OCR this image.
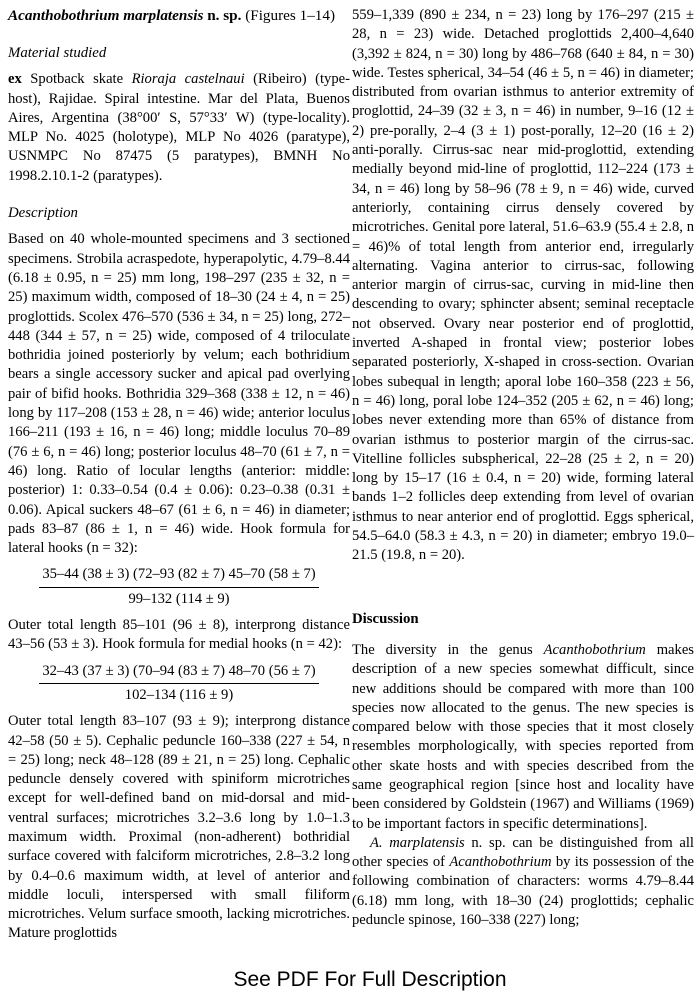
Acanthobothrium marplatensis n. sp. (Figures 1–14)
Material studied

ex Spotback skate Rioraja castelnaui (Ribeiro) (type-host), Rajidae. Spiral intestine. Mar del Plata, Buenos Aires, Argentina (38°00′ S, 57°33′ W) (type-locality). MLP No. 4025 (holotype), MLP No 4026 (paratype), USNMPC No 87475 (5 paratypes), BMNH No 1998.2.10.1-2 (paratypes).

Description

Based on 40 whole-mounted specimens and 3 sectioned specimens. Strobila acraspedote, hyperapolytic, 4.79–8.44 (6.18 ± 0.95, n = 25) mm long, 198–297 (235 ± 32, n = 25) maximum width, composed of 18–30 (24 ± 4, n = 25) proglottids. Scolex 476–570 (536 ± 34, n = 25) long, 272–448 (344 ± 57, n = 25) wide, composed of 4 triloculate bothridia joined posteriorly by velum; each bothridium bears a single accessory sucker and apical pad overlying pair of bifid hooks. Bothridia 329–368 (338 ± 12, n = 46) long by 117–208 (153 ± 28, n = 46) wide; anterior loculus 166–211 (193 ± 16, n = 46) long; middle loculus 70–89 (76 ± 6, n = 46) long; posterior loculus 48–70 (61 ± 7, n = 46) long. Ratio of locular lengths (anterior: middle: posterior) 1: 0.33–0.54 (0.4 ± 0.06): 0.23–0.38 (0.31 ± 0.06). Apical suckers 48–67 (61 ± 6, n = 46) in diameter; pads 83–87 (86 ± 1, n = 46) wide. Hook formula for lateral hooks (n = 32):

35–44 (38 ± 3) (72–93 (82 ± 7) 45–70 (58 ± 7)
99–132 (114 ± 9)

Outer total length 85–101 (96 ± 8), interprong distance 43–56 (53 ± 3). Hook formula for medial hooks (n = 42):

32–43 (37 ± 3) (70–94 (83 ± 7) 48–70 (56 ± 7)
102–134 (116 ± 9)

Outer total length 83–107 (93 ± 9); interprong distance 42–58 (50 ± 5). Cephalic peduncle 160–338 (227 ± 54, n = 25) long; neck 48–128 (89 ± 21, n = 25) long. Cephalic peduncle densely covered with spiniform microtriches except for well-defined band on mid-dorsal and mid-ventral surfaces; microtriches 3.2–3.6 long by 1.0–1.3 maximum width. Proximal (non-adherent) bothridial surface covered with falciform microtriches, 2.8–3.2 long by 0.4–0.6 maximum width, at level of anterior and middle loculi, interspersed with small filiform microtriches. Velum surface smooth, lacking microtriches. Mature proglottids

559–1,339 (890 ± 234, n = 23) long by 176–297 (215 ± 28, n = 23) wide. Detached proglottids 2,400–4,640 (3,392 ± 824, n = 30) long by 486–768 (640 ± 84, n = 30) wide. Testes spherical, 34–54 (46 ± 5, n = 46) in diameter; distributed from ovarian isthmus to anterior extremity of proglottid, 24–39 (32 ± 3, n = 46) in number, 9–16 (12 ± 2) pre-porally, 2–4 (3 ± 1) post-porally, 12–20 (16 ± 2) anti-porally. Cirrus-sac near mid-proglottid, extending medially beyond mid-line of proglottid, 112–224 (173 ± 34, n = 46) long by 58–96 (78 ± 9, n = 46) wide, curved anteriorly, containing cirrus densely covered by microtriches. Genital pore lateral, 51.6–63.9 (55.4 ± 2.8, n = 46)% of total length from anterior end, irregularly alternating. Vagina anterior to cirrus-sac, following anterior margin of cirrus-sac, curving in mid-line then descending to ovary; sphincter absent; seminal receptacle not observed. Ovary near posterior end of proglottid, inverted A-shaped in frontal view; posterior lobes separated posteriorly, X-shaped in cross-section. Ovarian lobes subequal in length; aporal lobe 160–358 (223 ± 56, n = 46) long, poral lobe 124–352 (205 ± 62, n = 46) long; lobes never extending more than 65% of distance from ovarian isthmus to posterior margin of the cirrus-sac. Vitelline follicles subspherical, 22–28 (25 ± 2, n = 20) long by 15–17 (16 ± 0.4, n = 20) wide, forming lateral bands 1–2 follicles deep extending from level of ovarian isthmus to near anterior end of proglottid. Eggs spherical, 54.5–64.0 (58.3 ± 4.3, n = 20) in diameter; embryo 19.0–21.5 (19.8, n = 20).

Discussion

The diversity in the genus Acanthobothrium makes description of a new species somewhat difficult, since new additions should be compared with more than 100 species now allocated to the genus. The new species is compared below with those species that it most closely resembles morphologically, with species reported from other skate hosts and with species described from the same geographical region [since host and locality have been considered by Goldstein (1967) and Williams (1969) to be important factors in specific determinations].

A. marplatensis n. sp. can be distinguished from all other species of Acanthobothrium by its possession of the following combination of characters: worms 4.79–8.44 (6.18) mm long, with 18–30 (24) proglottids; cephalic peduncle spinose, 160–338 (227) long;

See PDF For Full Description
